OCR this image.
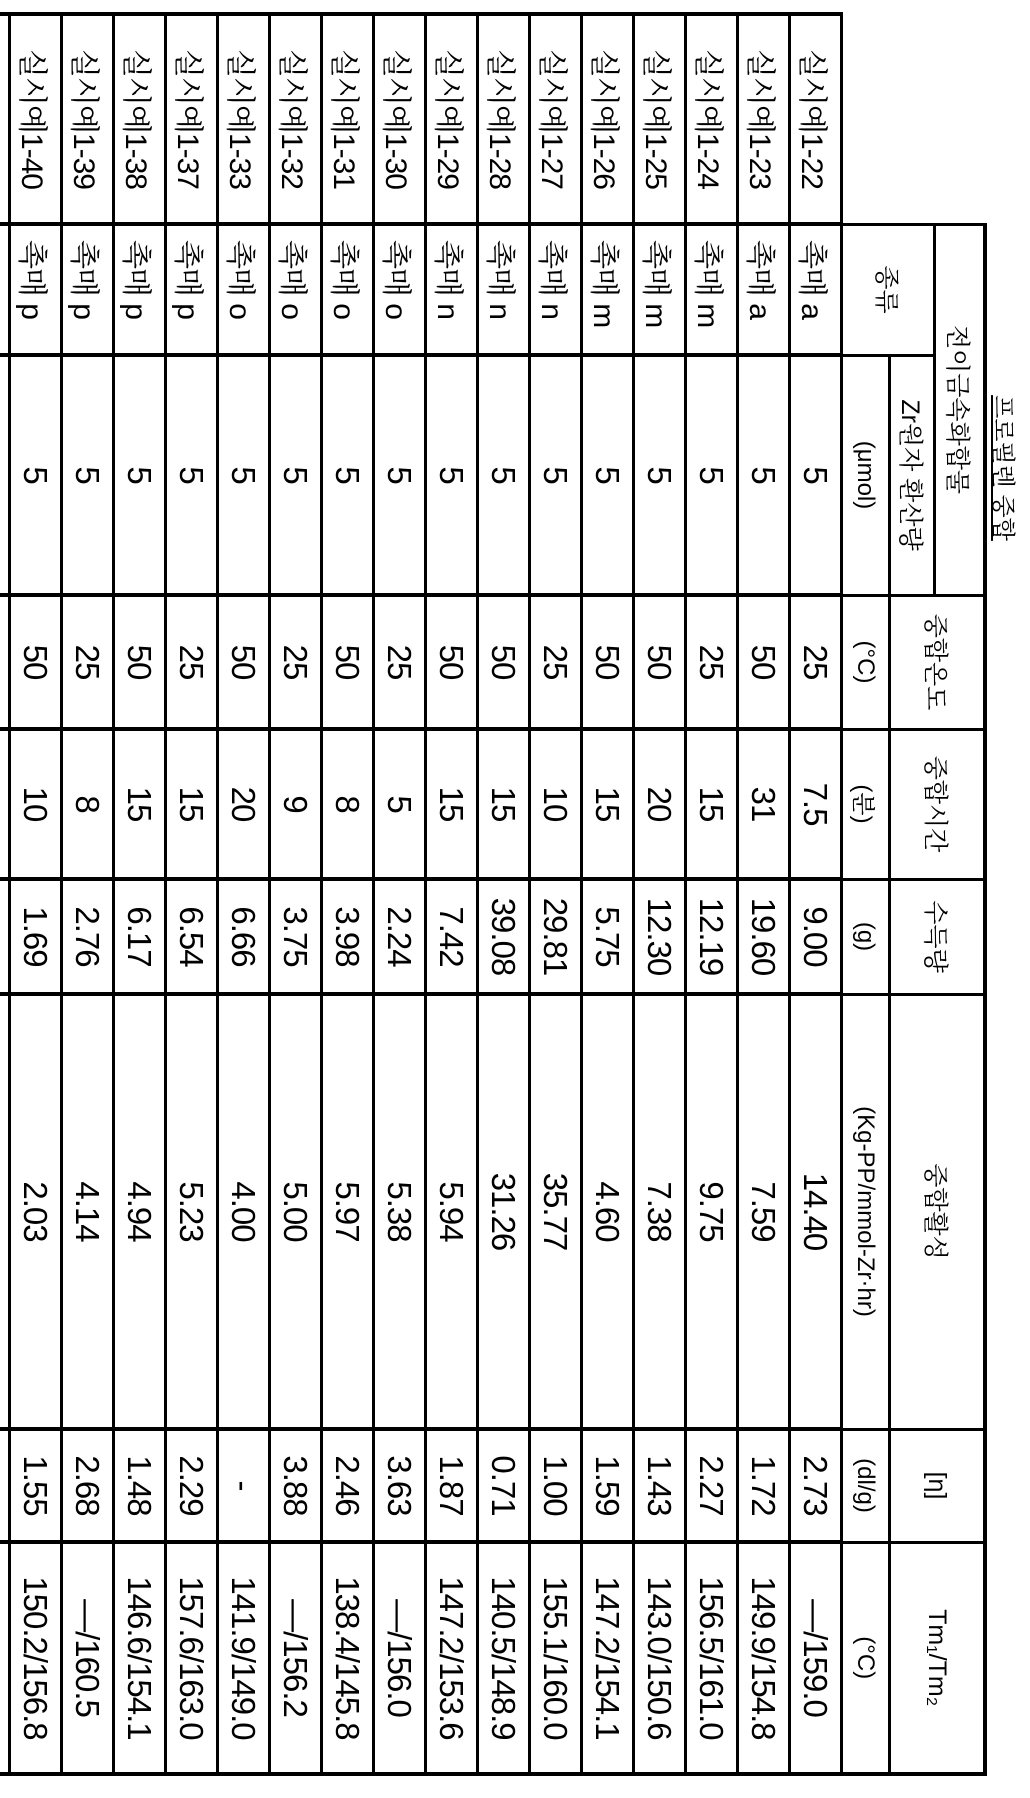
프로필렌 중합
	전이금속화합물	중합온도	중합시간	수득량	중합활성	[η]	Tm₁/Tm₂
종류	Zr원자 환산량
(μmol)	(°C)	(분)	(g)	(Kg-PP/mmol-Zr·hr)	(dl/g)	(°C)
실시예1-22	촉매 a	5	25	7.5	9.00	14.40	2.73	—/159.0
실시예1-23	촉매 a	5	50	31	19.60	7.59	1.72	149.9/154.8
실시예1-24	촉매 m	5	25	15	12.19	9.75	2.27	156.5/161.0
실시예1-25	촉매 m	5	50	20	12.30	7.38	1.43	143.0/150.6
실시예1-26	촉매 m	5	50	15	5.75	4.60	1.59	147.2/154.1
실시예1-27	촉매 n	5	25	10	29.81	35.77	1.00	155.1/160.0
실시예1-28	촉매 n	5	50	15	39.08	31.26	0.71	140.5/148.9
실시예1-29	촉매 n	5	50	15	7.42	5.94	1.87	147.2/153.6
실시예1-30	촉매 o	5	25	5	2.24	5.38	3.63	—/156.0
실시예1-31	촉매 o	5	50	8	3.98	5.97	2.46	138.4/145.8
실시예1-32	촉매 o	5	25	9	3.75	5.00	3.88	—/156.2
실시예1-33	촉매 o	5	50	20	6.66	4.00	-	141.9/149.0
실시예1-37	촉매 p	5	25	15	6.54	5.23	2.29	157.6/163.0
실시예1-38	촉매 p	5	50	15	6.17	4.94	1.48	146.6/154.1
실시예1-39	촉매 p	5	25	8	2.76	4.14	2.68	—/160.5
실시예1-40	촉매 p	5	50	10	1.69	2.03	1.55	150.2/156.8
			45	30	2.15	0.86	1.31	134.1/143.5
